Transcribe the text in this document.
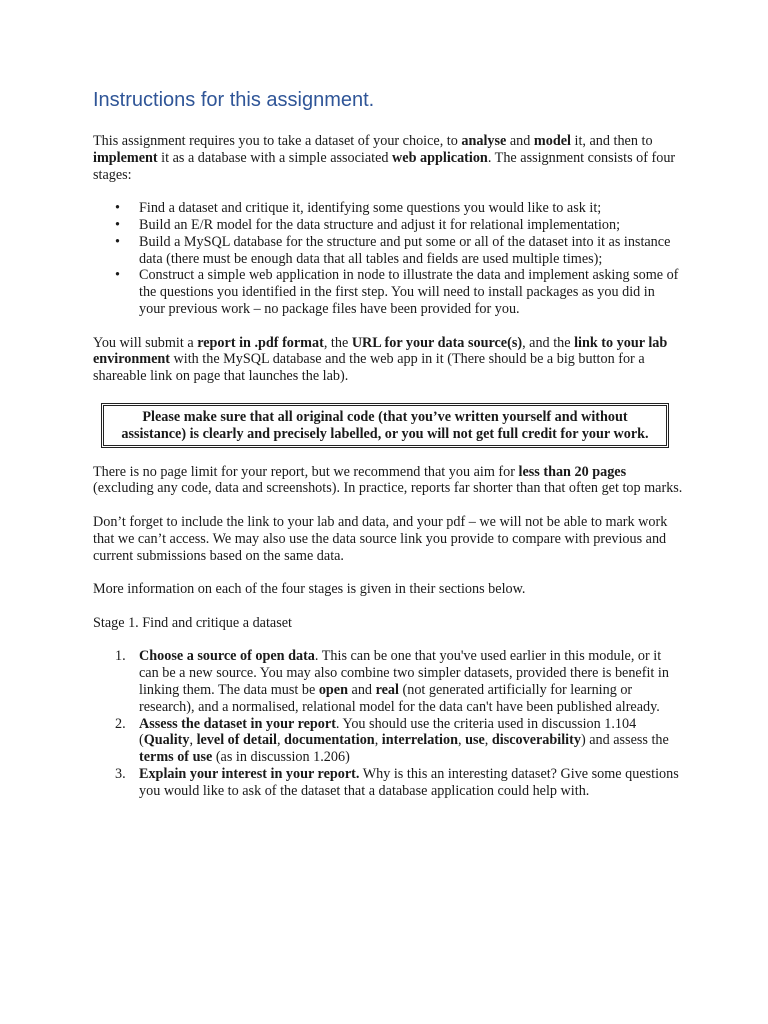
Instructions for this assignment.

This assignment requires you to take a dataset of your choice, to analyse and model it, and then to implement it as a database with a simple associated web application. The assignment consists of four stages:

• Find a dataset and critique it, identifying some questions you would like to ask it;
• Build an E/R model for the data structure and adjust it for relational implementation;
• Build a MySQL database for the structure and put some or all of the dataset into it as instance data (there must be enough data that all tables and fields are used multiple times);
• Construct a simple web application in node to illustrate the data and implement asking some of the questions you identified in the first step. You will need to install packages as you did in your previous work – no package files have been provided for you.

You will submit a report in .pdf format, the URL for your data source(s), and the link to your lab environment with the MySQL database and the web app in it (There should be a big button for a shareable link on page that launches the lab).

Please make sure that all original code (that you’ve written yourself and without assistance) is clearly and precisely labelled, or you will not get full credit for your work.

There is no page limit for your report, but we recommend that you aim for less than 20 pages (excluding any code, data and screenshots). In practice, reports far shorter than that often get top marks.

Don’t forget to include the link to your lab and data, and your pdf – we will not be able to mark work that we can’t access. We may also use the data source link you provide to compare with previous and current submissions based on the same data.

More information on each of the four stages is given in their sections below.

Stage 1. Find and critique a dataset

1. Choose a source of open data. This can be one that you've used earlier in this module, or it can be a new source. You may also combine two simpler datasets, provided there is benefit in linking them. The data must be open and real (not generated artificially for learning or research), and a normalised, relational model for the data can't have been published already.
2. Assess the dataset in your report. You should use the criteria used in discussion 1.104 (Quality, level of detail, documentation, interrelation, use, discoverability) and assess the terms of use (as in discussion 1.206)
3. Explain your interest in your report. Why is this an interesting dataset? Give some questions you would like to ask of the dataset that a database application could help with.
